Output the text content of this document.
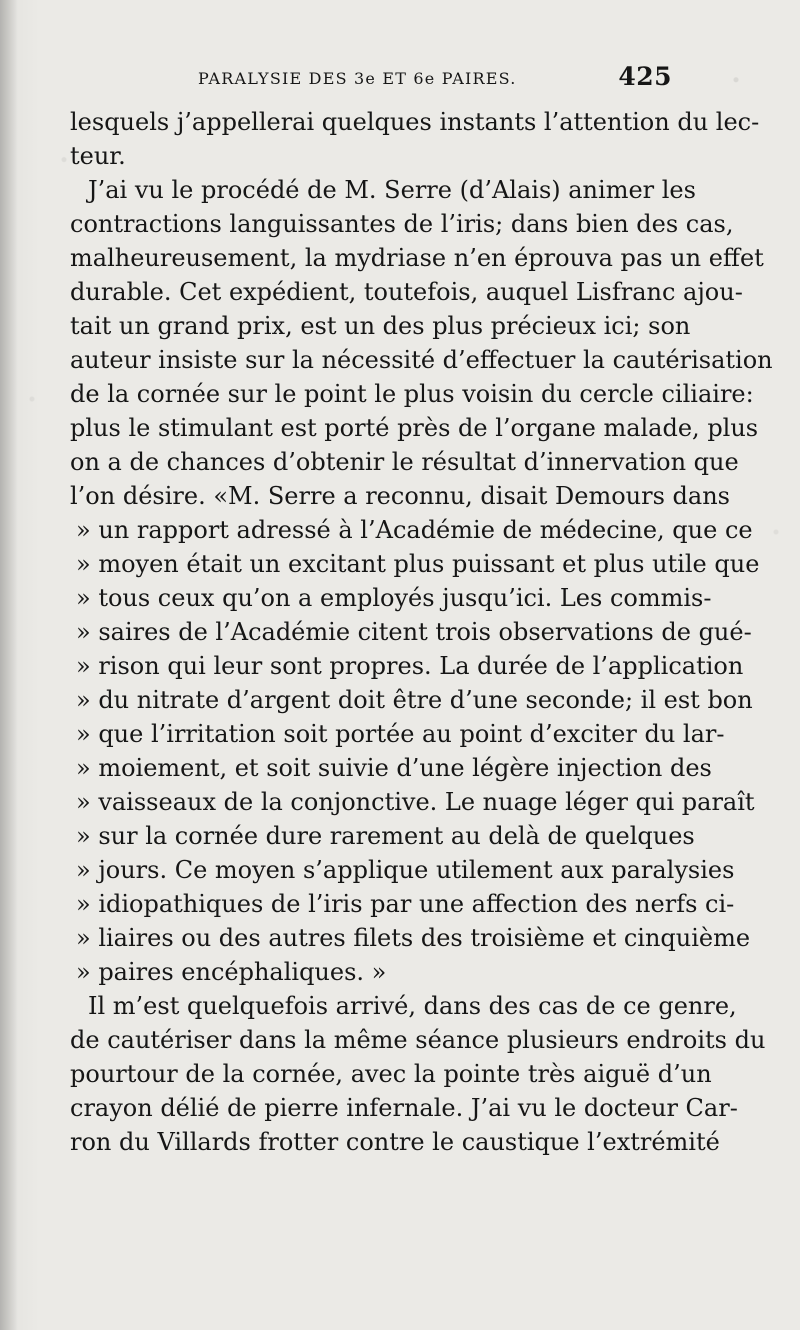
PARALYSIE DES 3e ET 6e PAIRES.	425
lesquels j’appellerai quelques instants l’attention du lec-
teur.
J’ai vu le procédé de M. Serre (d’Alais) animer les
contractions languissantes de l’iris; dans bien des cas,
malheureusement, la mydriase n’en éprouva pas un effet
durable. Cet expédient, toutefois, auquel Lisfranc ajou-
tait un grand prix, est un des plus précieux ici; son
auteur insiste sur la nécessité d’effectuer la cautérisation
de la cornée sur le point le plus voisin du cercle ciliaire:
plus le stimulant est porté près de l’organe malade, plus
on a de chances d’obtenir le résultat d’innervation que
l’on désire. «M. Serre a reconnu, disait Demours dans
» un rapport adressé à l’Académie de médecine, que ce
» moyen était un excitant plus puissant et plus utile que
» tous ceux qu’on a employés jusqu’ici. Les commis-
» saires de l’Académie citent trois observations de gué-
» rison qui leur sont propres. La durée de l’application
» du nitrate d’argent doit être d’une seconde; il est bon
» que l’irritation soit portée au point d’exciter du lar-
» moiement, et soit suivie d’une légère injection des
» vaisseaux de la conjonctive. Le nuage léger qui paraît
» sur la cornée dure rarement au delà de quelques
» jours. Ce moyen s’applique utilement aux paralysies
» idiopathiques de l’iris par une affection des nerfs ci-
» liaires ou des autres filets des troisième et cinquième
» paires encéphaliques. »
Il m’est quelquefois arrivé, dans des cas de ce genre,
de cautériser dans la même séance plusieurs endroits du
pourtour de la cornée, avec la pointe très aiguë d’un
crayon délié de pierre infernale. J’ai vu le docteur Car-
ron du Villards frotter contre le caustique l’extrémité
